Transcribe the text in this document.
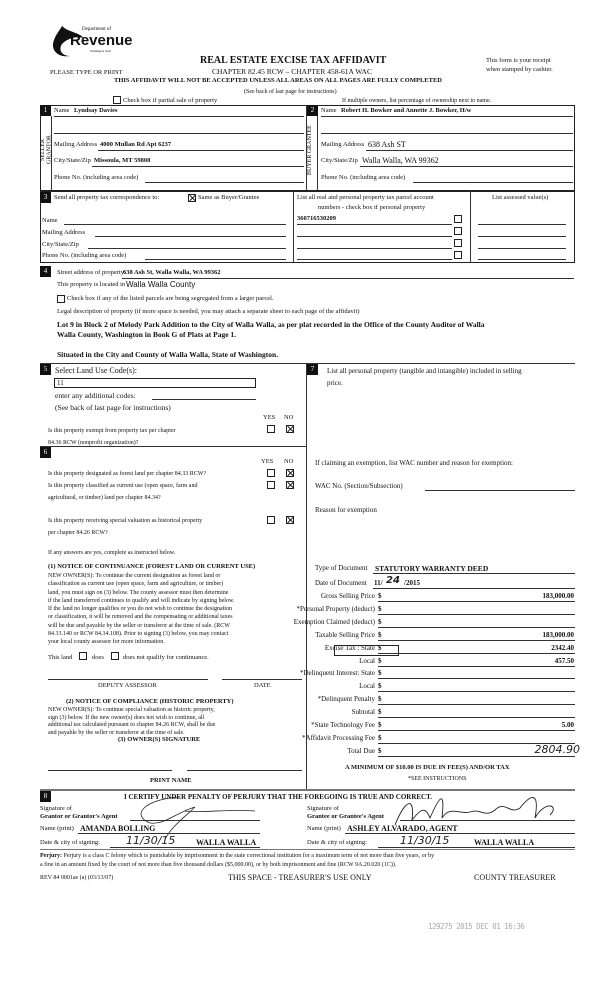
Department of
Revenue
Washington State
PLEASE TYPE OR PRINT
REAL ESTATE EXCISE TAX AFFIDAVIT
CHAPTER 82.45 RCW – CHAPTER 458-61A WAC
THIS AFFIDAVIT WILL NOT BE ACCEPTED UNLESS ALL AREAS ON ALL PAGES ARE FULLY COMPLETED
(See back of last page for instructions)
This form is your receipt
when stamped by cashier.
Check box if partial sale of property	If multiple owners, list percentage of ownership next to name.
1
SELLER GRANTOR
Name Lyndsay Davies
Mailing Address 4000 Mullan Rd Apt 6237
City/State/Zip Missoula, MT 59808
Phone No. (including area code)
2
BUYER GRANTEE
Name Robert H. Bowker and Annette J. Bowker, H/w
Mailing Address 638 Ash ST
City/State/Zip Walla Walla, WA 99362
Phone No. (including area code)
3	Send all property tax correspondence to:	Same as Buyer/Grantee
Name
Mailing Address
City/State/Zip
Phone No. (including area code)
List all real and personal property tax parcel account
numbers - check box if personal property
List assessed value(s)
360716530209
4	Street address of property:
638 Ash St, Walla Walla, WA 99362
This property is located in Walla Walla County
Check box if any of the listed parcels are being segregated from a larger parcel.
Legal description of property (if more space is needed, you may attach a separate sheet to each page of the affidavit)
Lot 9 in Block 2 of Melody Park Addition to the City of Walla Walla, as per plat recorded in the Office of the County Auditor of Walla
Walla County, Washington in Book G of Plats at Page 1.
Situated in the City and County of Walla Walla, State of Washington.
5 Select Land Use Code(s):
11
enter any additional codes:
(See back of last page for instructions)
YES NO
Is this property exempt from property tax per chapter
84.36 RCW (nonprofit organization)?
6
YES NO
Is this property designated as forest land per chapter 84.33 RCW?
Is this property classified as current use (open space, farm and
agricultural, or timber) land per chapter 84.34?
Is this property receiving special valuation as historical property
per chapter 84.26 RCW?
If any answers are yes, complete as instructed below.
(1) NOTICE OF CONTINUANCE (FOREST LAND OR CURRENT USE)
NEW OWNER(S): To continue the current designation as forest land or
classification as current use (open space, farm and agriculture, or timber)
land, you must sign on (3) below. The county assessor must then determine
if the land transferred continues to qualify and will indicate by signing below.
If the land no longer qualifies or you do not wish to continue the designation
or classification, it will be removed and the compensating or additional taxes
will be due and payable by the seller or transferor at the time of sale. (RCW
84.33.140 or RCW 84.34.108). Prior to signing (3) below, you may contact
your local county assessor for more information.
This land	does	does not qualify for continuance.
DEPUTY ASSESSOR	DATE
(2) NOTICE OF COMPLIANCE (HISTORIC PROPERTY)
NEW OWNER(S): To continue special valuation as historic property,
sign (3) below. If the new owner(s) does not wish to continue, all
additional tax calculated pursuant to chapter 84.26 RCW, shall be due
and payable by the seller or transferor at the time of sale.
(3) OWNER(S) SIGNATURE
PRINT NAME
7	List all personal property (tangible and intangible) included in selling
price.
If claiming an exemption, list WAC number and reason for exemption:
WAC No. (Section/Subsection)
Reason for exemption
Type of Document STATUTORY WARRANTY DEED
Date of Document 11/ 24 /2015
Gross Selling Price $	183,000.00
*Personal Property (deduct) $
Exemption Claimed (deduct) $
Taxable Selling Price $	183,000.00
Excise Tax : State $	2342.40
Local $	457.50
*Delinquent Interest: State $
Local $
*Delinquent Penalty $
Subtotal $
*State Technology Fee $	5.00
*Affidavit Processing Fee $
Total Due $	2804.90
A MINIMUM OF $10.00 IS DUE IN FEE(S) AND/OR TAX
*SEE INSTRUCTIONS
8	I CERTIFY UNDER PENALTY OF PERJURY THAT THE FOREGOING IS TRUE AND CORRECT.
Signature of
Grantor or Grantor's Agent
Name (print) AMANDA BOLLING
Date & city of signing: 11/30/15	WALLA WALLA
Signature of
Grantee or Grantee's Agent
Name (print) ASHLEY ALVARADO, AGENT
Date & city of signing:	11/30/15	WALLA WALLA
Perjury: Perjury is a class C felony which is punishable by imprisonment in the state correctional institution for a maximum term of not more than five years, or by
a fine in an amount fixed by the court of not more than five thousand dollars ($5,000.00), or by both imprisonment and fine (RCW 9A.20.020 (1C)).
REV 84 0001ae (a) (03/13/07)	THIS SPACE - TREASURER'S USE ONLY	COUNTY TREASURER
129275 2015 DEC 01 16:36
